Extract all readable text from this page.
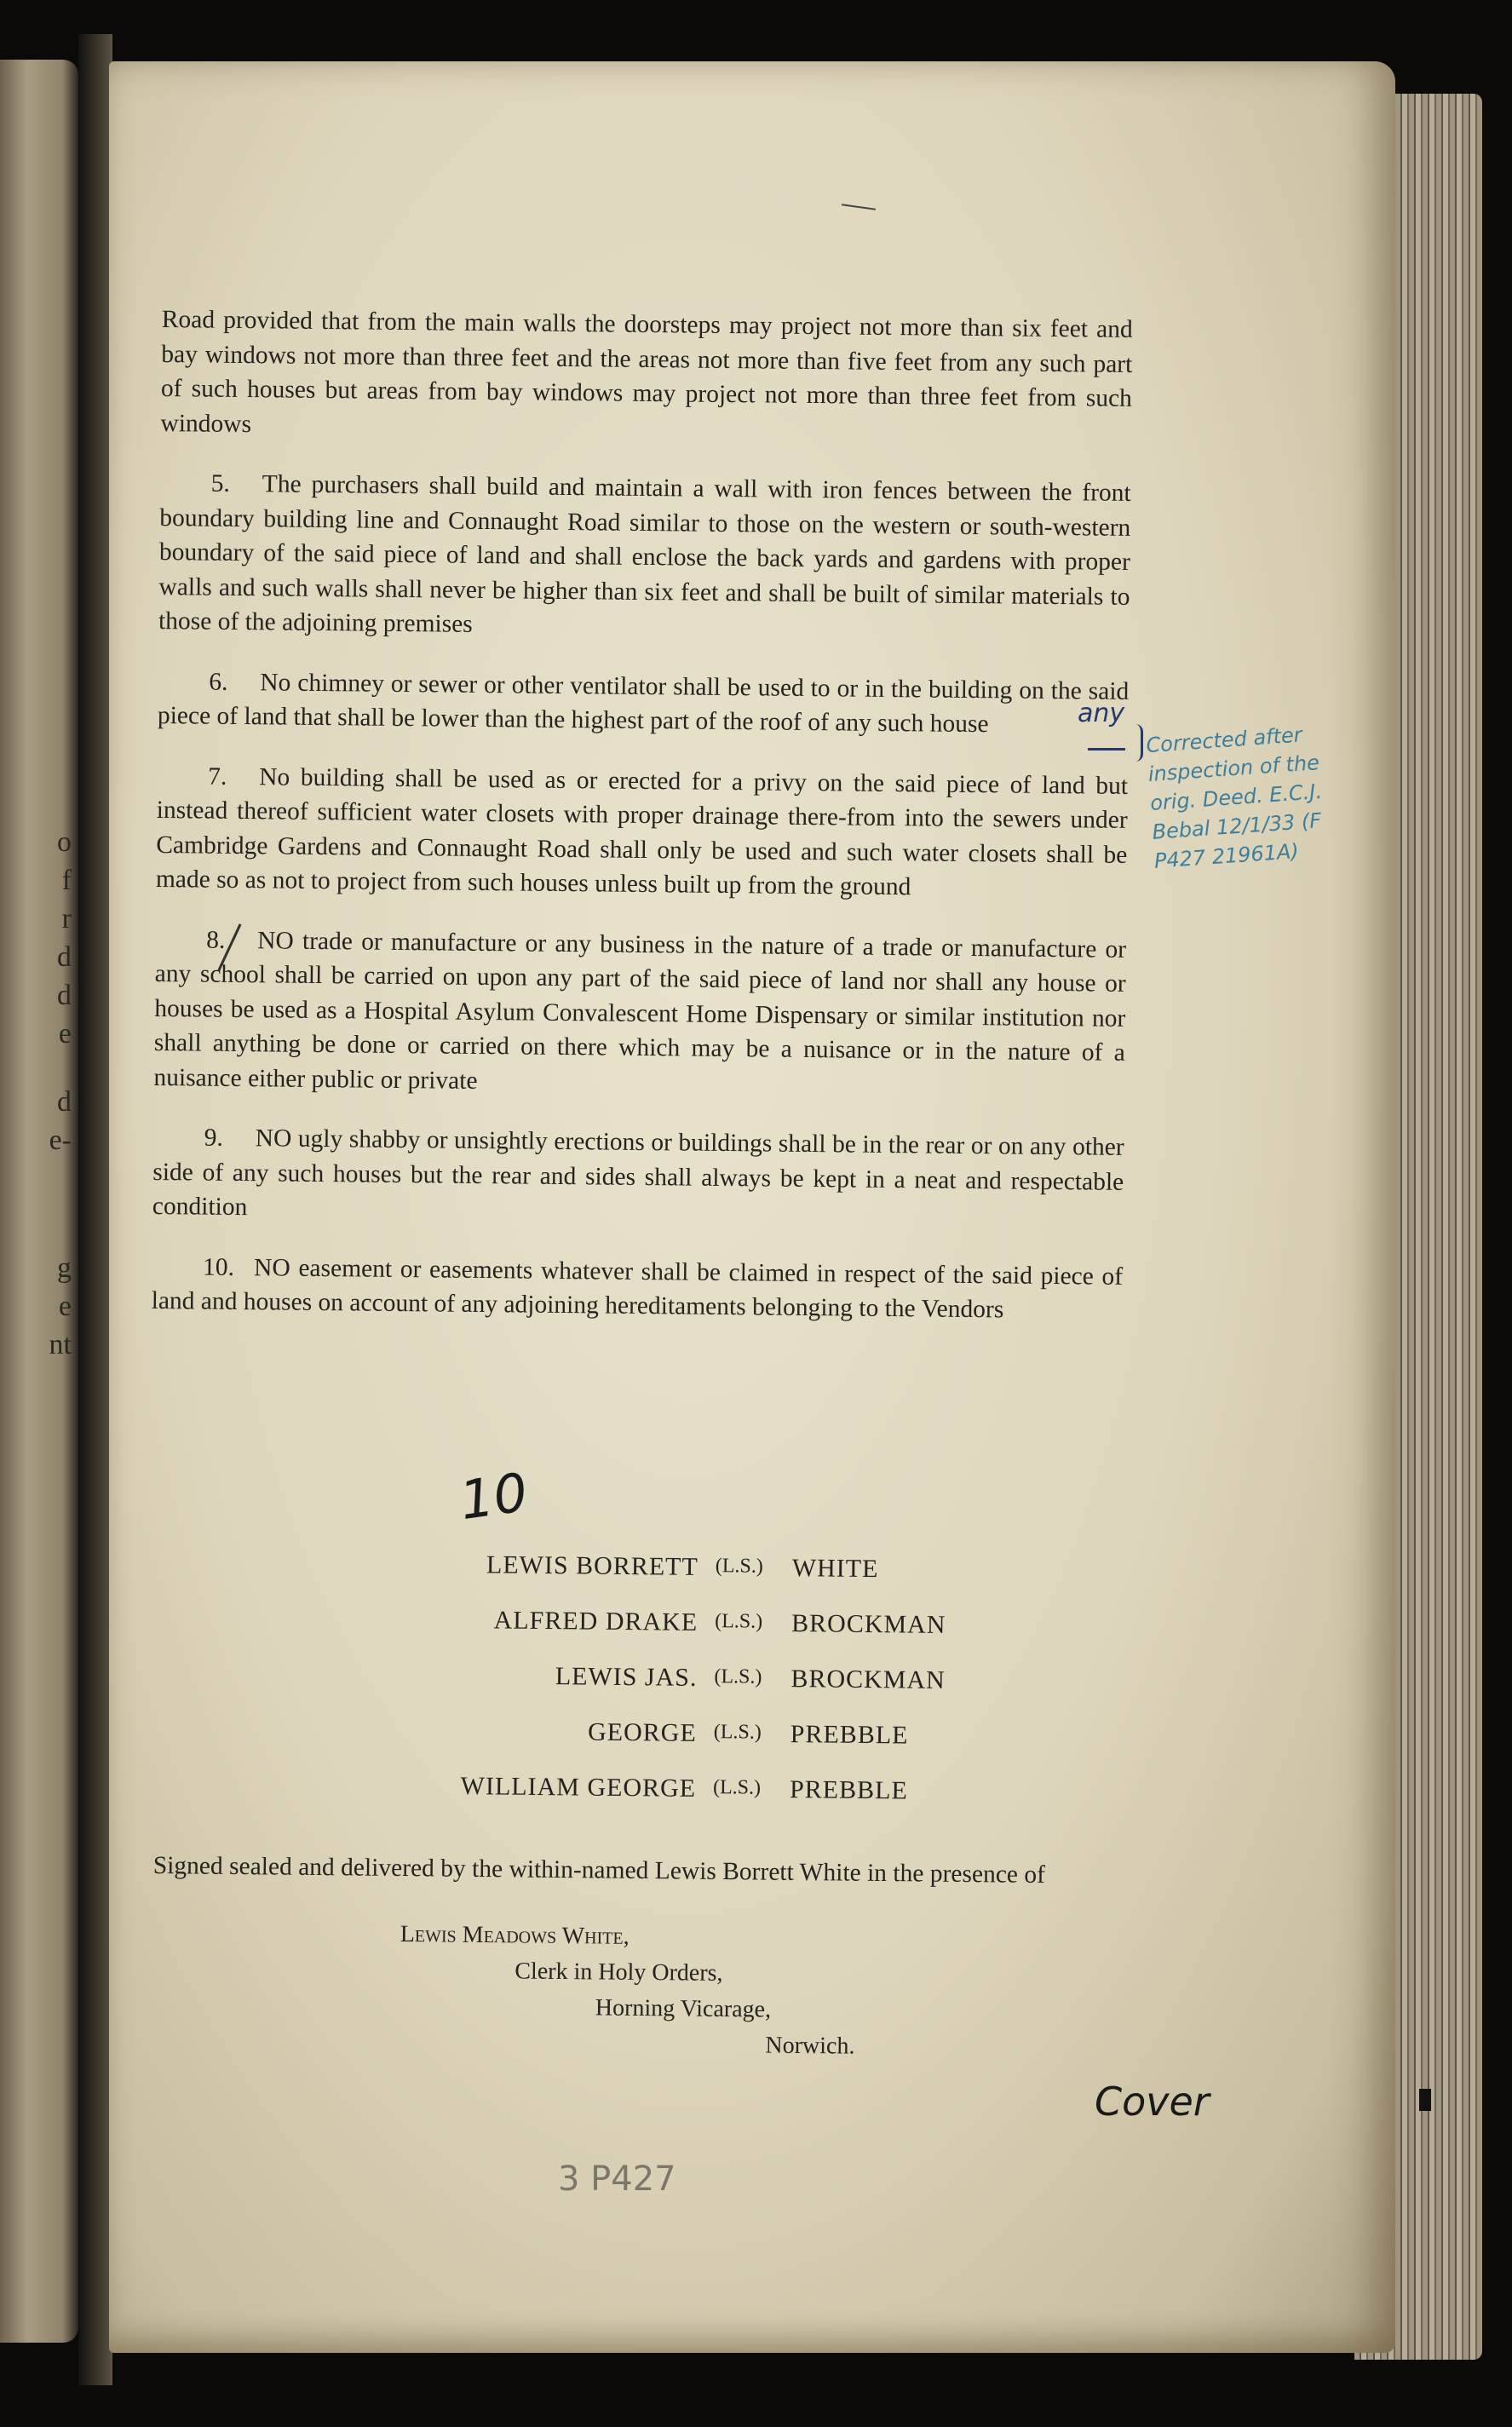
o
f
r
d
d
e
d
e-
g
e
nt

Road provided that from the main walls the doorsteps may project not more than six feet and bay windows not more than three feet and the areas not more than five feet from any such part of such houses but areas from bay windows may project not more than three feet from such windows

5. The purchasers shall build and maintain a wall with iron fences between the front boundary building line and Connaught Road similar to those on the western or south-western boundary of the said piece of land and shall enclose the back yards and gardens with proper walls and such walls shall never be higher than six feet and shall be built of similar materials to those of the adjoining premises

6. No chimney or sewer or other ventilator shall be used to or in the building on the said piece of land that shall be lower than the highest part of the roof of any such house

7. No building shall be used as or erected for a privy on the said piece of land but instead thereof sufficient water closets with proper drainage there-from into the sewers under Cambridge Gardens and Connaught Road shall only be used and such water closets shall be made so as not to project from such houses unless built up from the ground

8. NO trade or manufacture or any business in the nature of a trade or manufacture or any school shall be carried on upon any part of the said piece of land nor shall any house or houses be used as a Hospital Asylum Convalescent Home Dispensary or similar institution nor shall anything be done or carried on there which may be a nuisance or in the nature of a nuisance either public or private

9. NO ugly shabby or unsightly erections or buildings shall be in the rear or on any other side of any such houses but the rear and sides shall always be kept in a neat and respectable condition

10. NO easement or easements whatever shall be claimed in respect of the said piece of land and houses on account of any adjoining hereditaments belonging to the Vendors

LEWIS BORRETT (L.S.) WHITE
ALFRED DRAKE (L.S.) BROCKMAN
LEWIS JAS. (L.S.) BROCKMAN
GEORGE (L.S.) PREBBLE
WILLIAM GEORGE (L.S.) PREBBLE
Signed sealed and delivered by the within-named Lewis Borrett White in the presence of
Lewis Meadows White,
Clerk in Holy Orders,
Horning Vicarage,
Norwich.
any
Corrected after inspection of the orig. Deed. E.C.J. Bebal 12/1/33 (F P427 21961A)
10
Cover
3 P427
